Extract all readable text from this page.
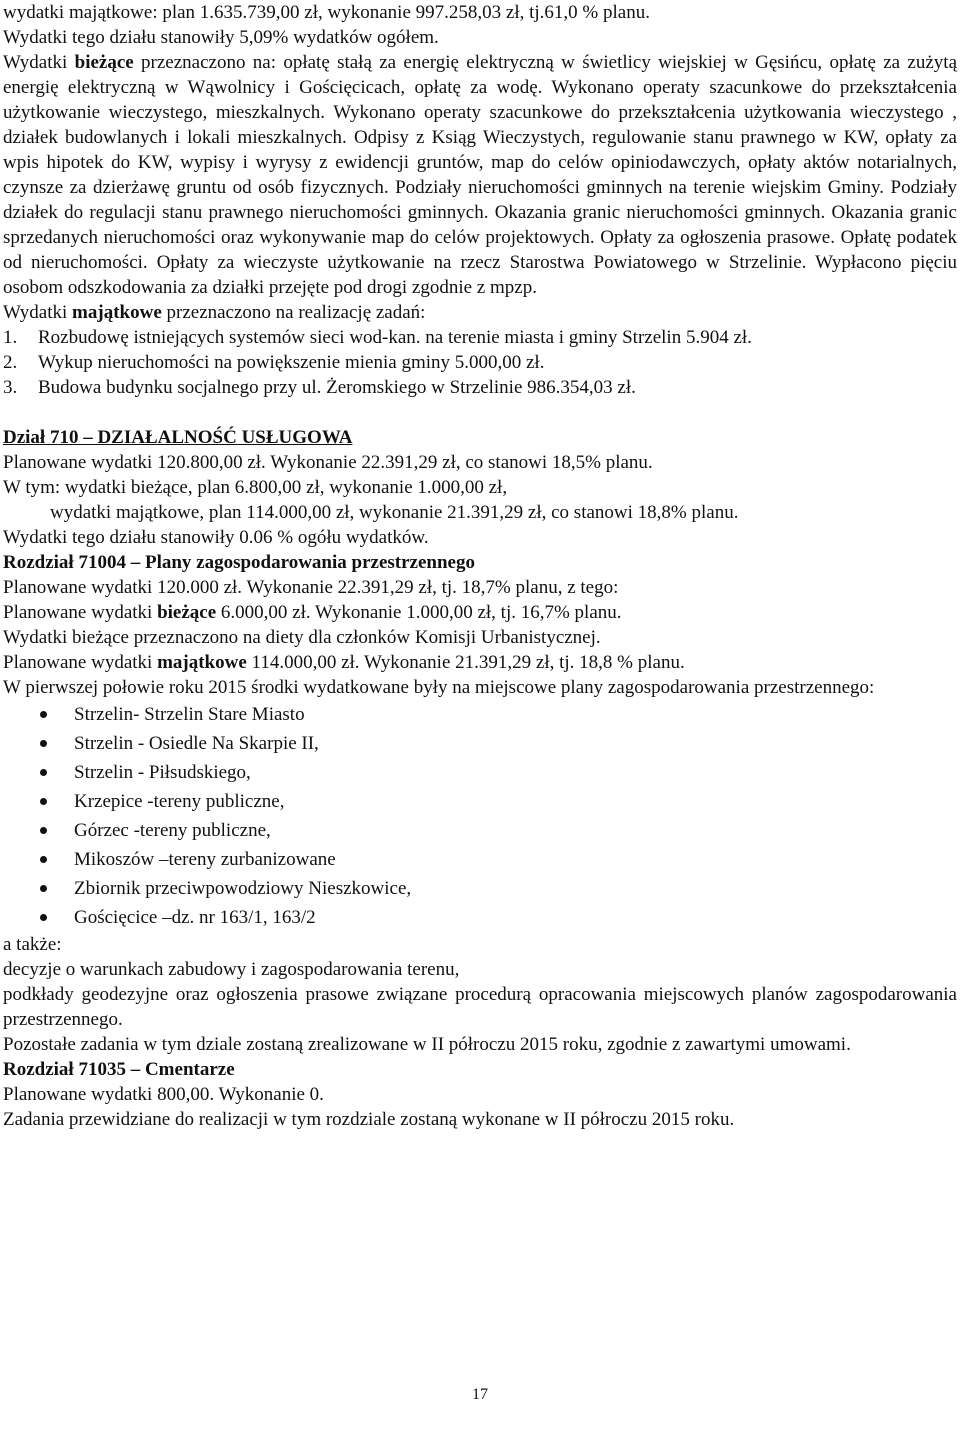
wydatki majątkowe: plan 1.635.739,00 zł, wykonanie 997.258,03 zł, tj.61,0 % planu.

Wydatki tego działu stanowiły 5,09% wydatków ogółem.

Wydatki bieżące przeznaczono na: opłatę stałą za energię elektryczną w świetlicy wiejskiej w Gęsińcu, opłatę za zużytą energię elektryczną w Wąwolnicy i Gościęcicach, opłatę za wodę. Wykonano operaty szacunkowe do przekształcenia użytkowanie wieczystego, mieszkalnych. Wykonano operaty szacunkowe do przekształcenia użytkowania wieczystego , działek budowlanych i lokali mieszkalnych. Odpisy z Ksiąg Wieczystych, regulowanie stanu prawnego w KW, opłaty za wpis hipotek do KW, wypisy i wyrysy z ewidencji gruntów, map do celów opiniodawczych, opłaty aktów notarialnych, czynsze za dzierżawę gruntu od osób fizycznych. Podziały nieruchomości gminnych na terenie wiejskim Gminy. Podziały działek do regulacji stanu prawnego nieruchomości gminnych. Okazania granic nieruchomości gminnych. Okazania granic sprzedanych nieruchomości oraz wykonywanie map do celów projektowych. Opłaty za ogłoszenia prasowe. Opłatę podatek od nieruchomości. Opłaty za wieczyste użytkowanie na rzecz Starostwa Powiatowego w Strzelinie. Wypłacono pięciu osobom odszkodowania za działki przejęte pod drogi zgodnie z mpzp.

Wydatki majątkowe przeznaczono na realizację zadań:

1. Rozbudowę istniejących systemów sieci wod-kan. na terenie miasta i gminy Strzelin 5.904 zł.

2. Wykup nieruchomości na powiększenie mienia gminy 5.000,00 zł.

3. Budowa budynku socjalnego przy ul. Żeromskiego w Strzelinie 986.354,03 zł.

Dział 710 – DZIAŁALNOŚĆ USŁUGOWA

Planowane wydatki 120.800,00 zł. Wykonanie 22.391,29 zł, co stanowi 18,5% planu.

W tym: wydatki bieżące, plan 6.800,00 zł, wykonanie 1.000,00 zł,

wydatki majątkowe, plan 114.000,00 zł, wykonanie 21.391,29 zł, co stanowi 18,8% planu.

Wydatki tego działu stanowiły 0.06 % ogółu wydatków.

Rozdział 71004 – Plany zagospodarowania przestrzennego

Planowane wydatki 120.000 zł. Wykonanie 22.391,29 zł, tj. 18,7% planu, z tego:

Planowane wydatki bieżące 6.000,00 zł. Wykonanie 1.000,00 zł, tj. 16,7% planu.

Wydatki bieżące przeznaczono na diety dla członków Komisji Urbanistycznej.

Planowane wydatki majątkowe 114.000,00 zł. Wykonanie 21.391,29 zł, tj. 18,8 % planu.

W pierwszej połowie roku 2015 środki wydatkowane były na miejscowe plany zagospodarowania przestrzennego:

Strzelin- Strzelin Stare Miasto
Strzelin - Osiedle Na Skarpie II,
Strzelin - Piłsudskiego,
Krzepice -tereny publiczne,
Górzec -tereny publiczne,
Mikoszów –tereny zurbanizowane
Zbiornik przeciwpowodziowy Nieszkowice,
Gościęcice –dz. nr 163/1, 163/2

a także:

decyzje o warunkach zabudowy i zagospodarowania terenu,

podkłady geodezyjne oraz ogłoszenia prasowe związane procedurą opracowania miejscowych planów zagospodarowania przestrzennego.

Pozostałe zadania w tym dziale zostaną zrealizowane w II półroczu 2015 roku, zgodnie z zawartymi umowami.

Rozdział 71035 – Cmentarze

Planowane wydatki 800,00. Wykonanie 0.

Zadania przewidziane do realizacji w tym rozdziale zostaną wykonane w II półroczu 2015 roku.

17
